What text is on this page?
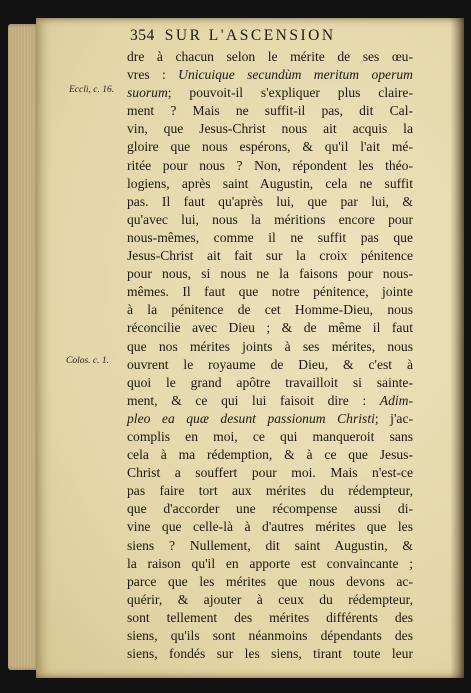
354 SUR L'ASCENSION
Eccli, c. 16.
Colos. c. 1.
dre à chacun selon le mérite de ses œu-
vres : Unicuique secundùm meritum operum
suorum; pouvoit-il s'expliquer plus claire-
ment ? Mais ne suffit-il pas, dit Cal-
vin, que Jesus-Christ nous ait acquis la
gloire que nous espérons, & qu'il l'ait mé-
ritée pour nous ? Non, répondent les théo-
logiens, après saint Augustin, cela ne suffit
pas. Il faut qu'après lui, que par lui, &
qu'avec lui, nous la méritions encore pour
nous-mêmes, comme il ne suffit pas que
Jesus-Christ ait fait sur la croix pénitence
pour nous, si nous ne la faisons pour nous-
mêmes. Il faut que notre pénitence, jointe
à la pénitence de cet Homme-Dieu, nous
réconcilie avec Dieu ; & de même il faut
que nos mérites joints à ses mérites, nous
ouvrent le royaume de Dieu, & c'est à
quoi le grand apôtre travailloit si sainte-
ment, & ce qui lui faisoit dire : Adim-
pleo ea quæ desunt passionum Christi; j'ac-
complis en moi, ce qui manqueroit sans
cela à ma rédemption, & à ce que Jesus-
Christ a souffert pour moi. Mais n'est-ce
pas faire tort aux mérites du rédempteur,
que d'accorder une récompense aussi di-
vine que celle-là à d'autres mérites que les
siens ? Nullement, dit saint Augustin, &
la raison qu'il en apporte est convaincante ;
parce que les mérites que nous devons ac-
quérir, & ajouter à ceux du rédempteur,
sont tellement des mérites différents des
siens, qu'ils sont néanmoins dépendants des
siens, fondés sur les siens, tirant toute leur
